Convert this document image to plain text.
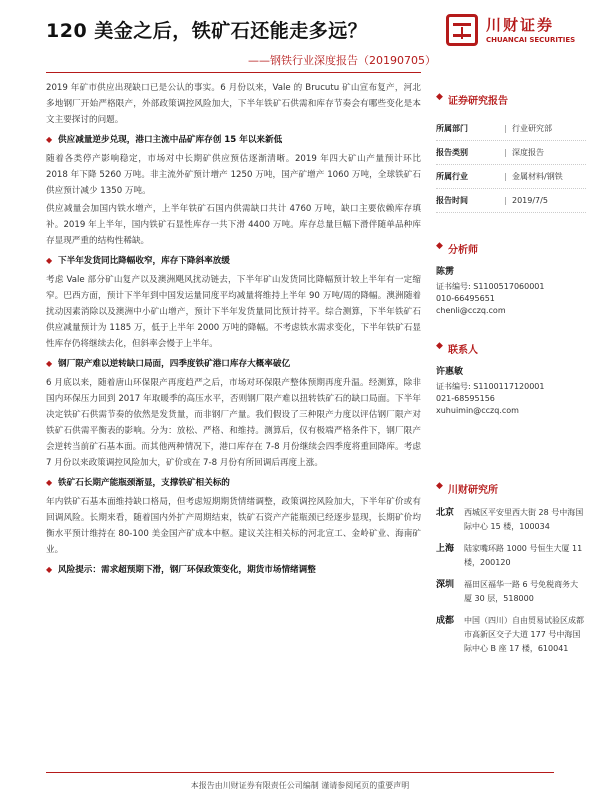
120 美金之后，铁矿石还能走多远？
——钢铁行业深度报告（20190705）
川财证券
CHUANCAI SECURITIES

2019 年矿市供应出现缺口已是公认的事实。6 月份以来，Vale 的 Brucutu 矿山宣布复产，河北多地钢厂开始严格限产，外部政策调控风险加大，下半年铁矿石供需和库存节奏会有哪些变化是本文主要探讨的问题。

◆ 供应减量逆步兑现，港口主流中品矿库存创 15 年以来新低

随着各类停产影响稳定，市场对中长期矿供应预估逐渐清晰。2019 年四大矿山产量预计环比 2018 年下降 5260 万吨。非主流外矿预计增产 1250 万吨，国产矿增产 1060 万吨，全球铁矿石供应预计减少 1350 万吨。

供应减量会加国内铁水增产，上半年铁矿石国内供需缺口共计 4760 万吨，缺口主要依赖库存填补。2019 年上半年，国内铁矿石显性库存一共下滑 4400 万吨。库存总量巨幅下滑伴随单品种库存显现严重的结构性稀缺。

◆ 下半年发货同比降幅收窄，库存下降斜率放缓

考虑 Vale 部分矿山复产以及澳洲飓风扰动链去，下半年矿山发货同比降幅预计较上半年有一定缩窄。巴西方面，预计下半年到中国发运量同度平均减量将维持上半年 90 万吨/周的降幅。澳洲随着扰动因素消除以及澳洲中小矿山增产，预计下半年发货量同比预计持平。综合测算，下半年铁矿石供应减量预计为 1185 万，低于上半年 2000 万吨的降幅。不考虑铁水需求变化，下半年铁矿石显性库存仍将继续去化，但斜率会慢于上半年。

◆ 钢厂限产难以逆转缺口局面，四季度铁矿港口库存大概率破亿

6 月底以来，随着唐山环保限产再度趋严之后，市场对环保限产整体预期再度升温。经测算，除非国内环保压力回到 2017 年取暖季的高压水平，否则钢厂限产难以扭转铁矿石的缺口局面。下半年决定铁矿石供需节奏的依然是发货量，而非钢厂产量。我们假设了三种限产力度以评估钢厂限产对铁矿石供需平衡表的影响。分为：放松、严格、和维持。测算后，仅有极端严格条件下，钢厂限产会逆转当前矿石基本面。而其他两种情况下，港口库存在 7-8 月份继续会四季度将重回降库。考虑 7 月份以来政策调控风险加大，矿价或在 7-8 月份有所回调后再度上涨。

◆ 铁矿石长期产能瓶颈渐显，支撑铁矿相关标的

年内铁矿石基本面维持缺口格局，但考虑短期期货情绪调整，政策调控风险加大，下半年矿价或有回调风险。长期来看，随着国内外扩产周期结束，铁矿石资产产能瓶颈已经逐步显现，长期矿价均衡水平预计维持在 80-100 美金国产矿成本中枢。建议关注相关标的河北宣工、金岭矿业、海南矿业。

◆ 风险提示：需求超预期下滑，钢厂环保政策变化，期货市场情绪调整
◆ 证券研究报告
所属部门	| 行业研究部
报告类别	| 深度报告
所属行业	| 金属材料/钢铁
报告时间	| 2019/7/5
◆ 分析师
陈雳
证书编号: S1100517060001
010-66495651
chenli@cczq.com
◆ 联系人
许惠敏
证书编号: S1100117120001
021-68595156
xuhuimin@cczq.com
◆ 川财研究所
北京	西城区平安里西大街 28 号中海国际中心 15 楼，100034
上海	陆家嘴环路 1000 号恒生大厦 11 楼，200120
深圳	福田区福华一路 6 号免税商务大厦 30 层，518000
成都	中国（四川）自由贸易试验区成都市高新区交子大道 177 号中海国际中心 B 座 17 楼，610041
本报告由川财证券有限责任公司编制 谨请参阅尾页的重要声明
